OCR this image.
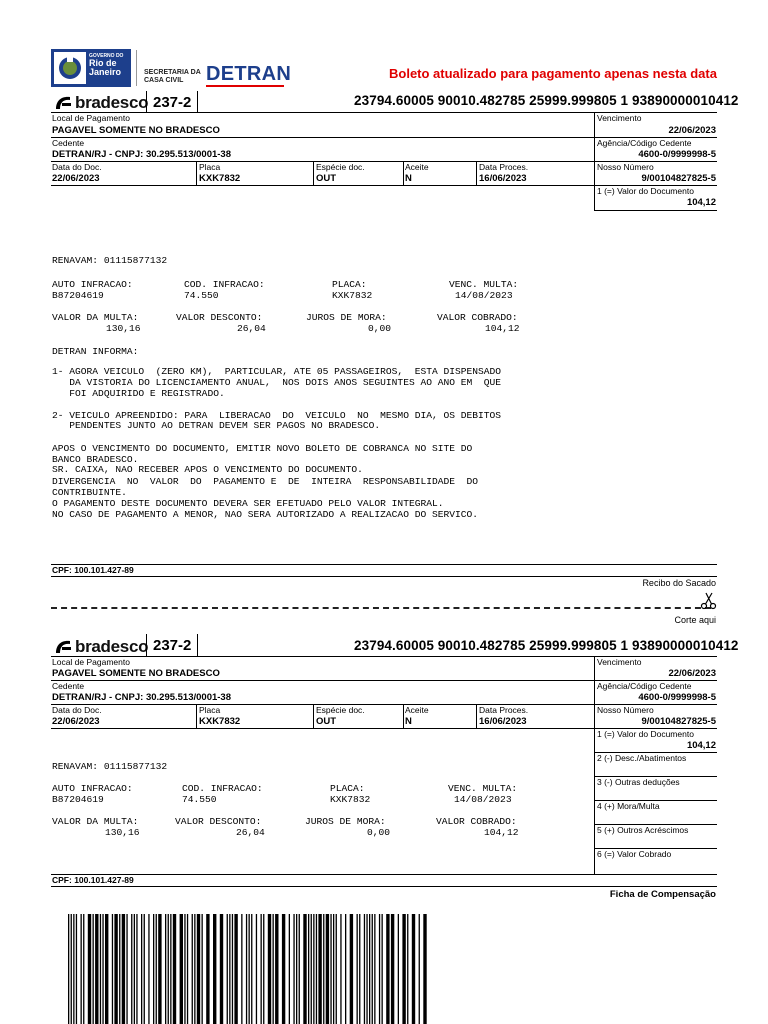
GOVERNO DO
Rio de
Janeiro	SECRETARIA DA CASA CIVIL	DETRAN	Boleto atualizado para pagamento apenas nesta data
bradesco 237-2	23794.60005 90010.482785 25999.999805 1 93890000010412
Local de Pagamento
PAGAVEL SOMENTE NO BRADESCO
Vencimento
22/06/2023
Cedente
DETRAN/RJ - CNPJ: 30.295.513/0001-38
Agência/Código Cedente
4600-0/9999998-5
Data do Doc.
22/06/2023
Placa
KXK7832
Espécie doc.
OUT
Aceite
N
Data Proces.
16/06/2023
Nosso Número
9/00104827825-5
1 (=) Valor do Documento
104,12
RENAVAM: 01115877132
AUTO INFRACAO:	COD. INFRACAO:	PLACA:	VENC. MULTA:
B87204619	74.550	KXK7832	14/08/2023
VALOR DA MULTA:	VALOR DESCONTO:	JUROS DE MORA:	VALOR COBRADO:
130,16	26,04	0,00	104,12
DETRAN INFORMA:
1- AGORA VEICULO  (ZERO KM),  PARTICULAR, ATE 05 PASSAGEIROS,  ESTA DISPENSADO
DA VISTORIA DO LICENCIAMENTO ANUAL,  NOS DOIS ANOS SEGUINTES AO ANO EM  QUE
FOI ADQUIRIDO E REGISTRADO.
2- VEICULO APREENDIDO: PARA  LIBERACAO  DO  VEICULO  NO  MESMO DIA, OS DEBITOS
PENDENTES JUNTO AO DETRAN DEVEM SER PAGOS NO BRADESCO.
APOS O VENCIMENTO DO DOCUMENTO, EMITIR NOVO BOLETO DE COBRANCA NO SITE DO
BANCO BRADESCO.
SR. CAIXA, NAO RECEBER APOS O VENCIMENTO DO DOCUMENTO.
DIVERGENCIA  NO  VALOR  DO  PAGAMENTO E  DE  INTEIRA  RESPONSABILIDADE  DO
CONTRIBUINTE.
O PAGAMENTO DESTE DOCUMENTO DEVERA SER EFETUADO PELO VALOR INTEGRAL.
NO CASO DE PAGAMENTO A MENOR, NAO SERA AUTORIZADO A REALIZACAO DO SERVICO.
CPF: 100.101.427-89
Recibo do Sacado
Corte aqui
bradesco 237-2	23794.60005 90010.482785 25999.999805 1 93890000010412
Local de Pagamento
PAGAVEL SOMENTE NO BRADESCO
Vencimento
22/06/2023
Cedente
DETRAN/RJ - CNPJ: 30.295.513/0001-38
Agência/Código Cedente
4600-0/9999998-5
Data do Doc.
22/06/2023
Placa
KXK7832
Espécie doc.
OUT
Aceite
N
Data Proces.
16/06/2023
Nosso Número
9/00104827825-5
1 (=) Valor do Documento
104,12
2 (-) Desc./Abatimentos
3 (-) Outras deduções
4 (+) Mora/Multa
5 (+) Outros Acréscimos
6 (=) Valor Cobrado
RENAVAM: 01115877132
AUTO INFRACAO:	COD. INFRACAO:	PLACA:	VENC. MULTA:
B87204619	74.550	KXK7832	14/08/2023
VALOR DA MULTA:	VALOR DESCONTO:	JUROS DE MORA:	VALOR COBRADO:
130,16	26,04	0,00	104,12
CPF: 100.101.427-89
Ficha de Compensação
